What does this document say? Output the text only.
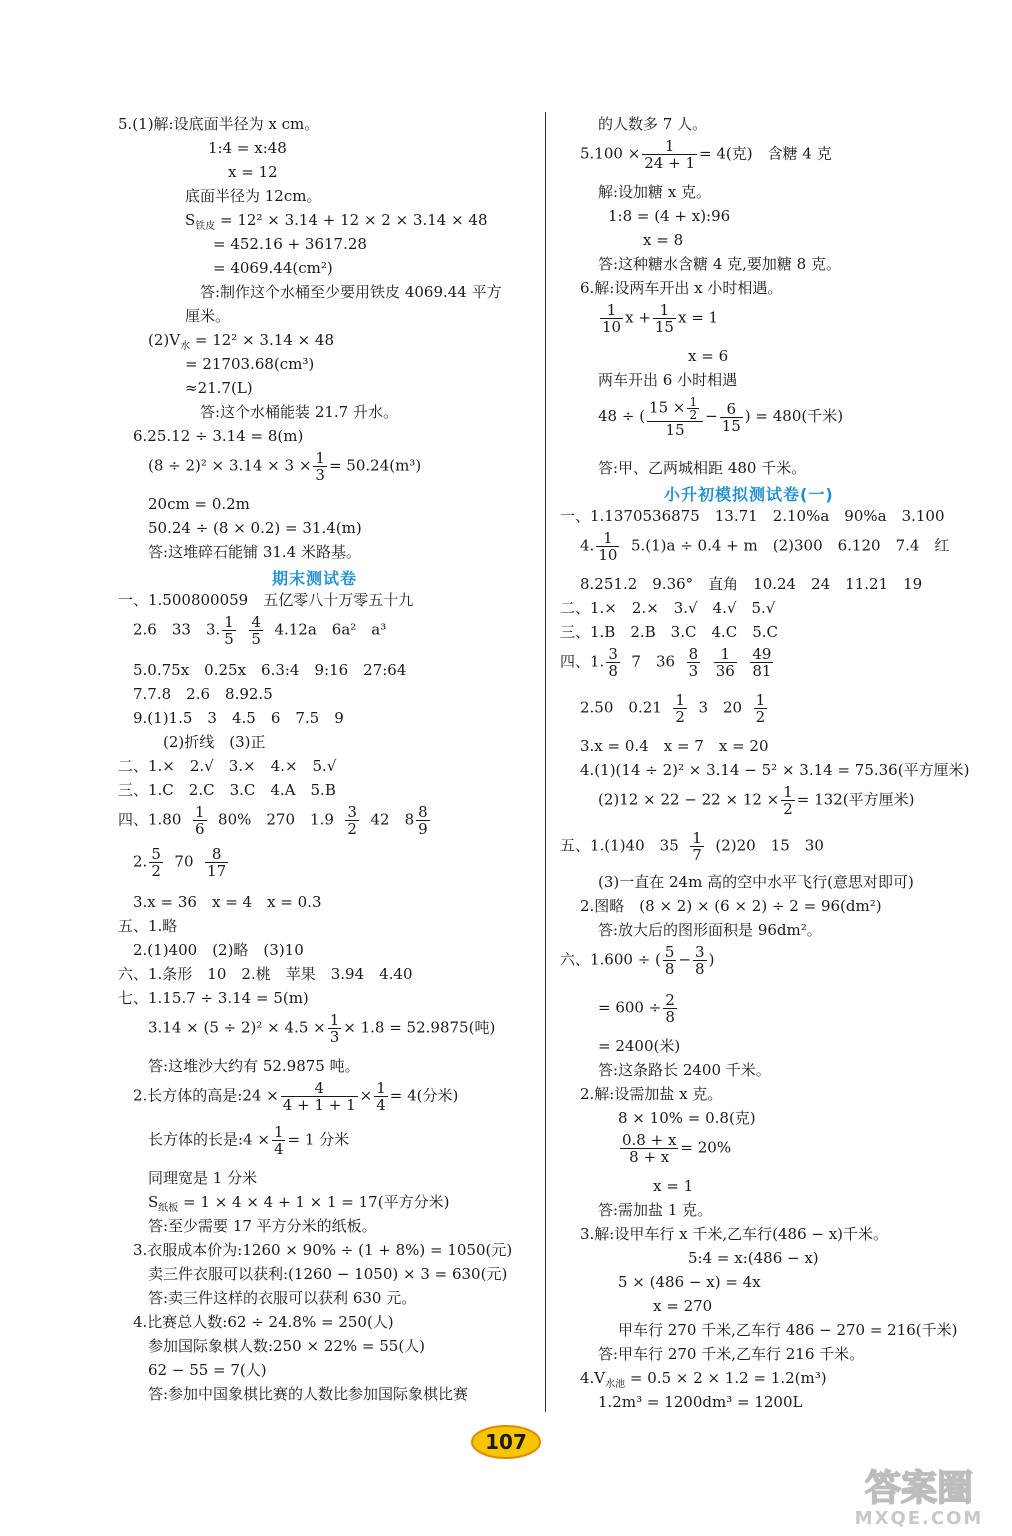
5.(1)解:设底面半径为 x cm。
1:4 = x:48
x = 12
底面半径为 12cm。
$S_{铁皮} = 12^2 \times 3.14 + 12 \times 2 \times 3.14 \times 48$
= 452.16 + 3617.28
= 4069.44(cm²)
答:制作这个水桶至少要用铁皮 4069.44 平方
厘米。
$(2)V_水 = 12^2 \times 3.14 \times 48$
= 21703.68(cm³)
≈21.7(L)
答:这个水桶能装 21.7 升水。
6.25.12 ÷ 3.14 = 8(m)
$(8 \div 2)^2 \times 3.14 \times 3 \times \frac{1}{3} = 50.24(m^3)$
20cm = 0.2m
50.24 ÷ (8 × 0.2) = 31.4(m)
答:这堆碎石能铺 31.4 米路基。
期末测试卷
一、1.500800059　五亿零八十万零五十九
2.6　33　3. $\frac{1}{5}$
$\frac{4}{5} 4.12a$　6a²　a³
5.0.75x　0.25x　6.3:4　9:16　27:64
7.7.8　2.6　8.92.5
9.(1)1.5　3　4.5　6　7.5　9
(2)折线　(3)正
二、1.×　2.√　3.×　4.×　5.√
三、1.C　2.C　3.C　4.A　5.B
四、$1.80 \frac{1}{6} 80\%$　270　$1.9 \frac{3}{2} 42$　$8 \frac{8}{9}$
2. $\frac{5}{2} 70 \frac{8}{17}$
3.x = 36　x = 4　x = 0.3
五、1.略
2.(1)400　(2)略　(3)10
六、1.条形　10　2.桃　苹果　3.94　4.40
七、1.15.7 ÷ 3.14 = 5(m)
$3.14 \times (5 \div 2)^2 \times 4.5 \times \frac{1}{3} \times 1.8 = 52.9875$(吨)
答:这堆沙大约有 52.9875 吨。
2.长方体的高是:24 × $\frac{4}{4 + 1 + 1} \times \frac{1}{4} = 4$(分米)
长方体的长是:4 × $\frac{1}{4} = 1$ 分米
同理宽是 1 分米
$S_{纸板} = 1 \times 4 \times 4 + 1 \times 1 = 17$(平方分米)
答:至少需要 17 平方分米的纸板。
3.衣服成本价为:1260 × 90% ÷ (1 + 8%) = 1050(元)
卖三件衣服可以获利:(1260 − 1050) × 3 = 630(元)
答:卖三件这样的衣服可以获利 630 元。
4.比赛总人数:62 ÷ 24.8% = 250(人)
参加国际象棋人数:250 × 22% = 55(人)
62 − 55 = 7(人)
答:参加中国象棋比赛的人数比参加国际象棋比赛
的人数多 7 人。
$5.100 \times \frac{1}{24 + 1} = 4$(克)　含糖 4 克
解:设加糖 x 克。
1:8 = (4 + x):96
x = 8
答:这种糖水含糖 4 克,要加糖 8 克。
6.解:设两车开出 x 小时相遇。
$\frac{1}{10}$ $x + \frac{1}{15}$ x = 1
x = 6
两车开出 6 小时相遇
48 ÷ ( $\frac{15 \times \frac{1}{2}}{15} - \frac{6}{15}$ ) = 480(千米)
答:甲、乙两城相距 480 千米。
小升初模拟测试卷(一)
一、1.1370536875　13.71　2.10%a　90%a　3.100
4. $\frac{1}{10} 5.(1)a \div 0.4 + m$　(2)300　6.120　7.4　红
8.251.2　9.36°　直角　10.24　24　11.21　19
二、1.×　2.×　3.√　4.√　5.√
三、1.B　2.B　3.C　4.C　5.C
四、1. $\frac{3}{8} 7$　$36 \frac{8}{3}$
$\frac{1}{36}$
$\frac{49}{81}$
2.50　$0.21 \frac{1}{2} 3$　$20 \frac{1}{2}$
3.x = 0.4　x = 7　x = 20
4.(1)(14 ÷ 2)² × 3.14 − 5² × 3.14 = 75.36(平方厘米)
$(2)12 \times 22 - 22 \times 12 \times \frac{1}{2} = 132$(平方厘米)
五、1.(1)40　$35 \frac{1}{7} (2)20$　15　30
(3)一直在 24m 高的空中水平飞行(意思对即可)
2.图略　(8 × 2) × (6 × 2) ÷ 2 = 96(dm²)
答:放大后的图形面积是 96dm²。
六、1.600 ÷ ( $\frac{5}{8} - \frac{3}{8}$ )
= $600 \div \frac{2}{8}$
= 2400(米)
答:这条路长 2400 千米。
2.解:设需加盐 x 克。
8 × 10% = 0.8(克)
$\frac{0.8 + x}{8 + x} = 20\%$
x = 1
答:需加盐 1 克。
3.解:设甲车行 x 千米,乙车行(486 − x)千米。
5:4 = x:(486 − x)
5 × (486 − x) = 4x
x = 270
甲车行 270 千米,乙车行 486 − 270 = 216(千米)
答:甲车行 270 千米,乙车行 216 千米。
$4.V_{水池} = 0.5 \times 2 \times 1.2 = 1.2(m^3)$
1.2m³ = 1200dm³ = 1200L
107
答案圈
MXQE.COM
